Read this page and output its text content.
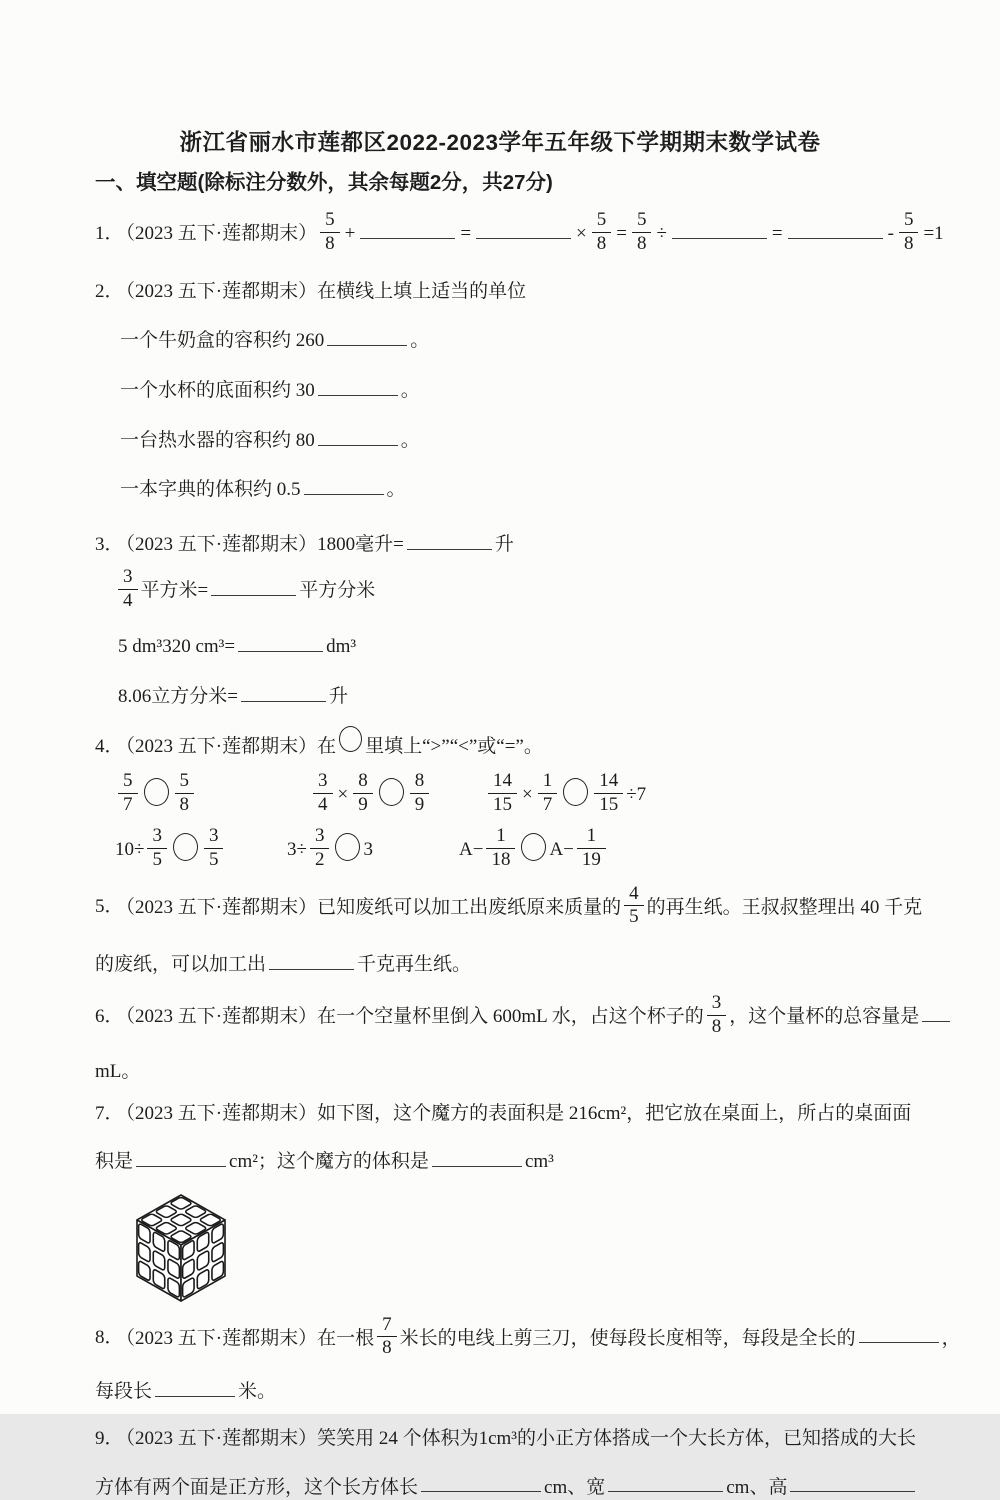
浙江省丽水市莲都区2022-2023学年五年级下学期期末数学试卷
一、填空题(除标注分数外，其余每题2分，共27分)
1． （2023 五下·莲都期末） $\frac{5}{8}$ +	=	× $\frac{5}{8} = \frac{5}{8}$ ÷	=	- $\frac{5}{8} =1$
2． （2023 五下·莲都期末）在横线上填上适当的单位
一个牛奶盒的容积约 260	。
一个水杯的底面积约 30	。
一台热水器的容积约 80	。
一本字典的体积约 0.5	。
3． （2023 五下·莲都期末）1800毫升=	升
$\frac{3}{4}$ 平方米=	平方分米
5 dm³320 cm³=	dm³
8.06立方分米=	升
4． （2023 五下·莲都期末）在 里填上“>”“<”或“=”。
$\frac{5}{7} \frac{5}{8}$	$\frac{3}{4} \times \frac{8}{9} \frac{8}{9}$	$\frac{14}{15} \times \frac{1}{7} \frac{14}{15} \div 7$
$10\div \frac{3}{5} \frac{3}{5}$	$3\div \frac{3}{2} 3$	$A- \frac{1}{18} A- \frac{1}{19}$
5． （2023 五下·莲都期末）已知废纸可以加工出废纸原来质量的 $\frac{4}{5}$ 的再生纸。王叔叔整理出 40 千克
的废纸，可以加工出	千克再生纸。
6． （2023 五下·莲都期末）在一个空量杯里倒入 600mL 水，占这个杯子的 $\frac{3}{8}$ ，这个量杯的总容量是
mL。
7． （2023 五下·莲都期末）如下图，这个魔方的表面积是 216cm²，把它放在桌面上，所占的桌面面
积是	cm²；这个魔方的体积是	cm³
8． （2023 五下·莲都期末）在一根 $\frac{7}{8}$ 米长的电线上剪三刀，使每段长度相等，每段是全长的	，
每段长	米。
9． （2023 五下·莲都期末）笑笑用 24 个体积为1cm³的小正方体搭成一个大长方体，已知搭成的大长
方体有两个面是正方形，这个长方体长	cm、宽	cm、高
